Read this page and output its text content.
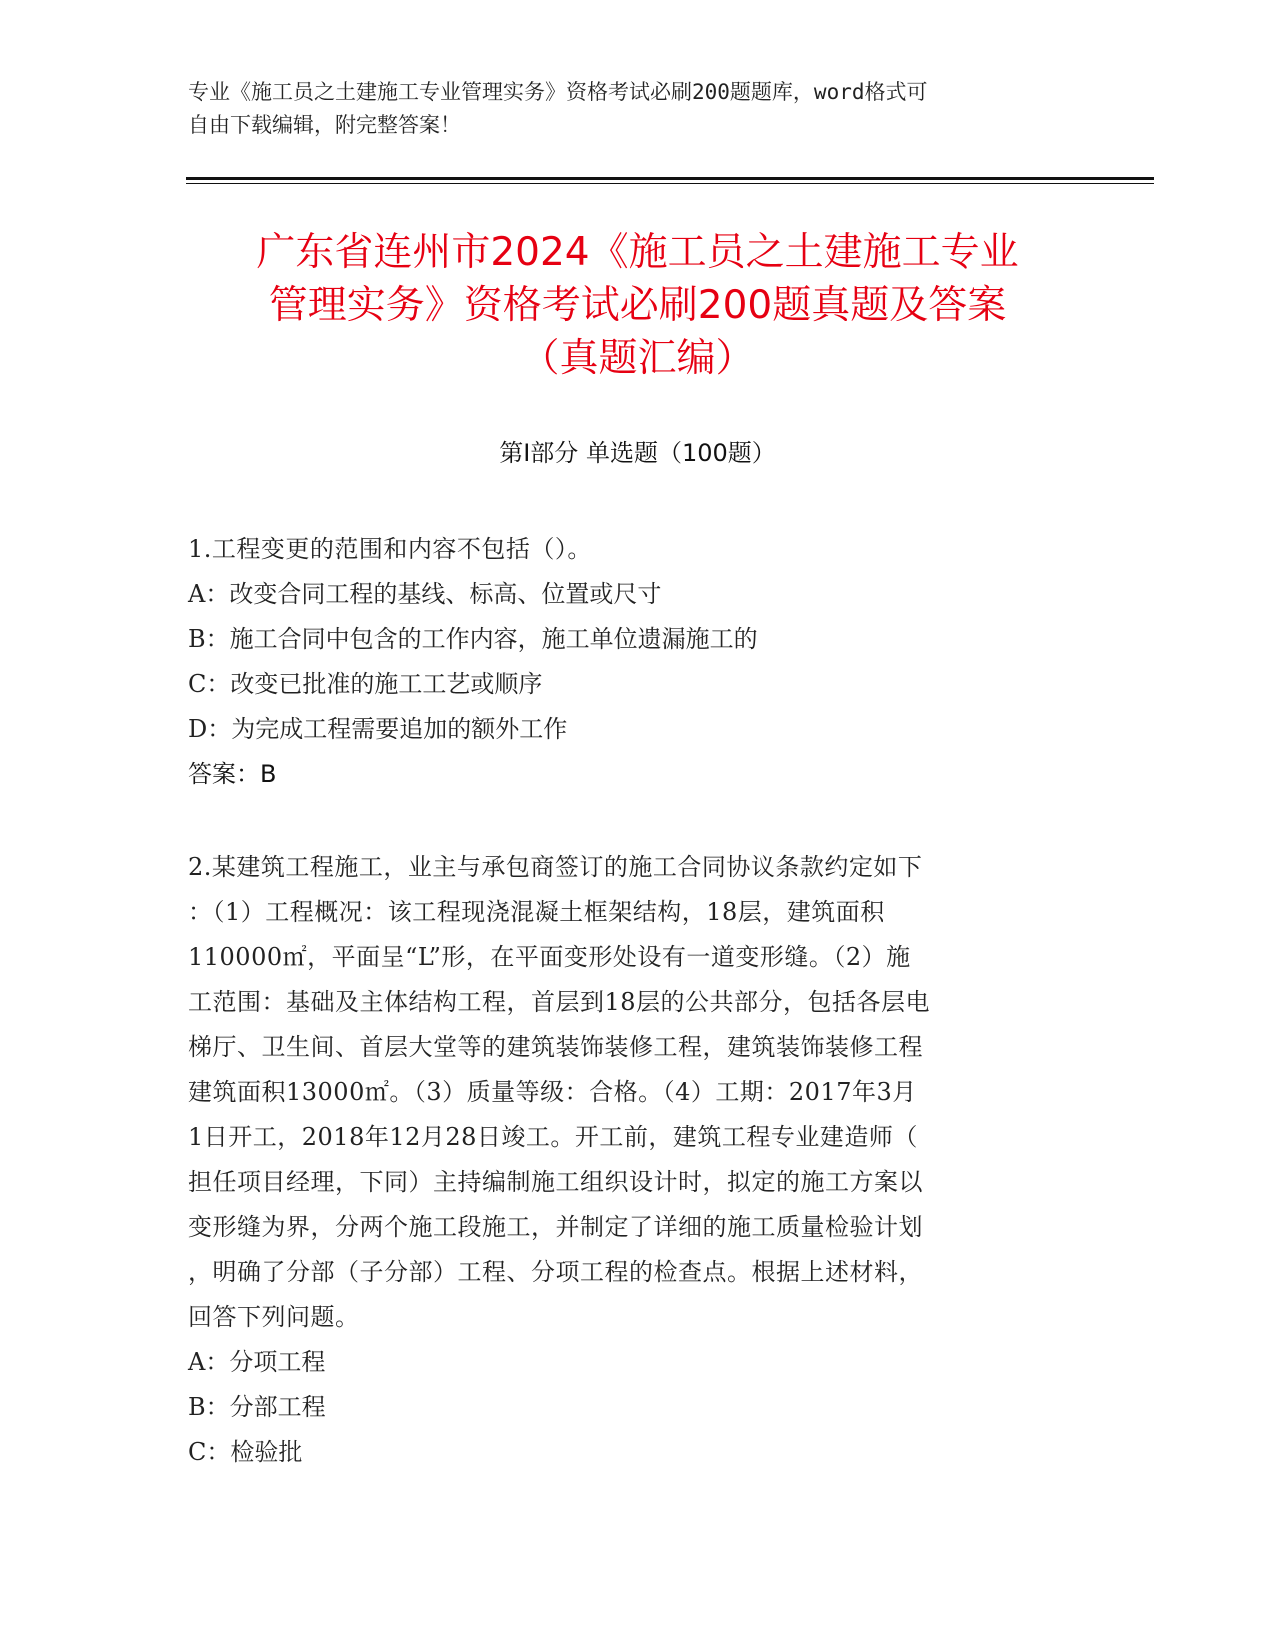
专业《施工员之土建施工专业管理实务》资格考试必刷200题题库，word格式可
自由下载编辑，附完整答案！
广东省连州市2024《施工员之土建施工专业
管理实务》资格考试必刷200题真题及答案
（真题汇编）
第Ⅰ部分 单选题（100题）
1.工程变更的范围和内容不包括（）。
A：改变合同工程的基线、标高、位置或尺寸
B：施工合同中包含的工作内容，施工单位遗漏施工的
C：改变已批准的施工工艺或顺序
D：为完成工程需要追加的额外工作
答案：B
2.某建筑工程施工，业主与承包商签订的施工合同协议条款约定如下
：（1）工程概况：该工程现浇混凝土框架结构，18层，建筑面积
110000㎡，平面呈“L”形，在平面变形处设有一道变形缝。（2）施
工范围：基础及主体结构工程，首层到18层的公共部分，包括各层电
梯厅、卫生间、首层大堂等的建筑装饰装修工程，建筑装饰装修工程
建筑面积13000㎡。（3）质量等级：合格。（4）工期：2017年3月
1日开工，2018年12月28日竣工。开工前，建筑工程专业建造师（
担任项目经理，下同）主持编制施工组织设计时，拟定的施工方案以
变形缝为界，分两个施工段施工，并制定了详细的施工质量检验计划
，明确了分部（子分部）工程、分项工程的检查点。根据上述材料，
回答下列问题。
A：分项工程
B：分部工程
C：检验批
